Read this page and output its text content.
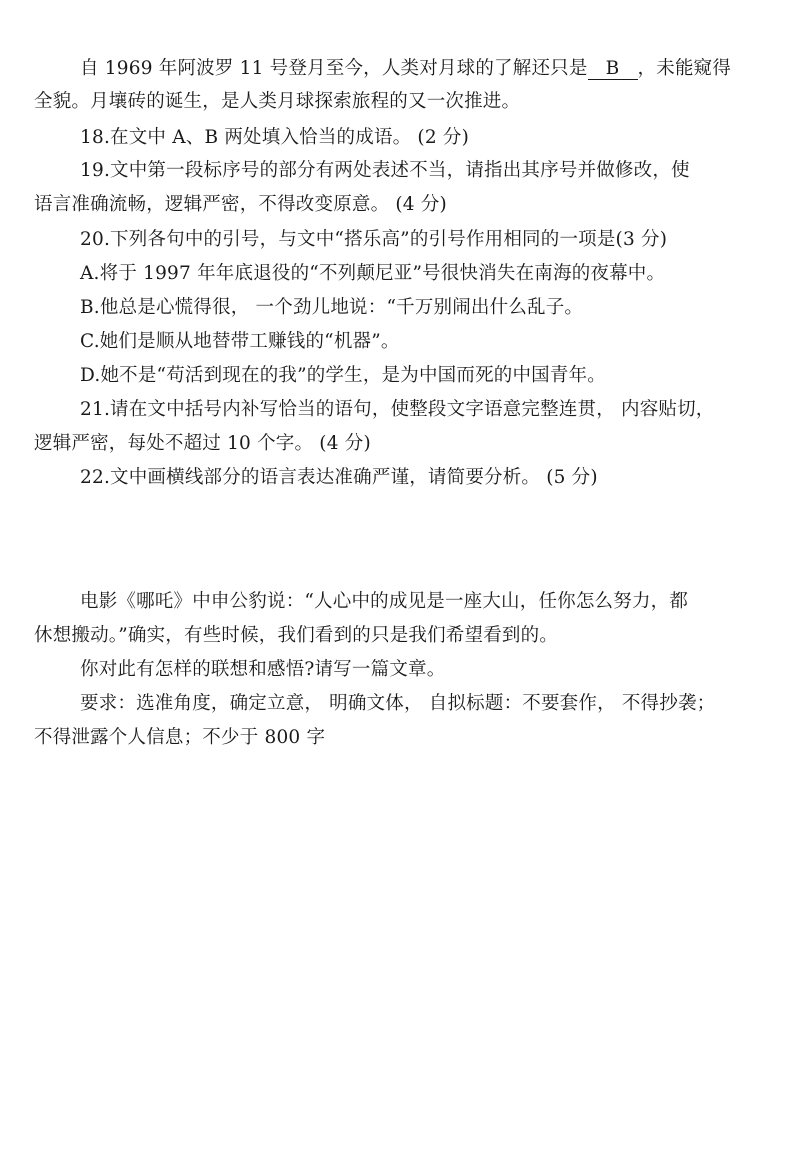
自 1969 年阿波罗 11 号登月至今，人类对月球的了解还只是 B ，未能窥得
全貌。月壤砖的诞生，是人类月球探索旅程的又一次推进。
18.在文中 A、B 两处填入恰当的成语。 (2 分)
19.文中第一段标序号的部分有两处表述不当，请指出其序号并做修改，使
语言准确流畅，逻辑严密，不得改变原意。 (4 分)
20.下列各句中的引号，与文中“搭乐高”的引号作用相同的一项是(3 分)
A.将于 1997 年年底退役的“不列颠尼亚”号很快消失在南海的夜幕中。
B.他总是心慌得很， 一个劲儿地说：“千万别闹出什么乱子。
C.她们是顺从地替带工赚钱的“机器”。
D.她不是“苟活到现在的我”的学生，是为中国而死的中国青年。
21.请在文中括号内补写恰当的语句，使整段文字语意完整连贯， 内容贴切，
逻辑严密，每处不超过 10 个字。 (4 分)
22.文中画横线部分的语言表达准确严谨，请简要分析。 (5 分)
电影《哪吒》中申公豹说：“人心中的成见是一座大山，任你怎么努力，都
休想搬动。”确实，有些时候，我们看到的只是我们希望看到的。
你对此有怎样的联想和感悟?请写一篇文章。
要求：选准角度，确定立意， 明确文体， 自拟标题：不要套作， 不得抄袭；
不得泄露个人信息；不少于 800 字
